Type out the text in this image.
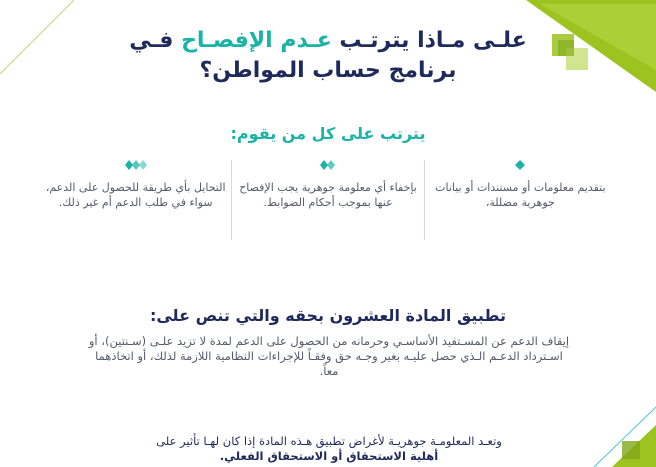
علـى مـاذا يترتـب عـدم الإفصـاح فـي
برنامج حساب المواطن؟
يترتب على كل من يقوم:
بتقديم معلومات أو مستندات أو بيانات جوهرية مضللة،
بإخفاء أي معلومة جوهرية يجب الإفصاح عنها بموجب أحكام الضوابط.
التحايل بأي طريقة للحصول على الدعم، سواء في طلب الدعم أم غير ذلك.
تطبيق المادة العشرون بحقه والتي تنص على:

إيقاف الدعم عن المسـتفيد الأساسـي وحرمانه من الحصول على الدعم لمدة لا تزيد علـى (سـنتين)، أو اسـترداد الدعـم الـذي حصل عليـه بغير وجـه حق وفقـاً للإجراءات النظامية اللازمة لذلك، أو اتخاذهما معاً.

وتعـد المعلومـة جوهريـة لأغراض تطبيق هـذه المادة إذا كان لهـا تأثير على
أهلية الاستحقاق أو الاستحقاق الفعلي.
